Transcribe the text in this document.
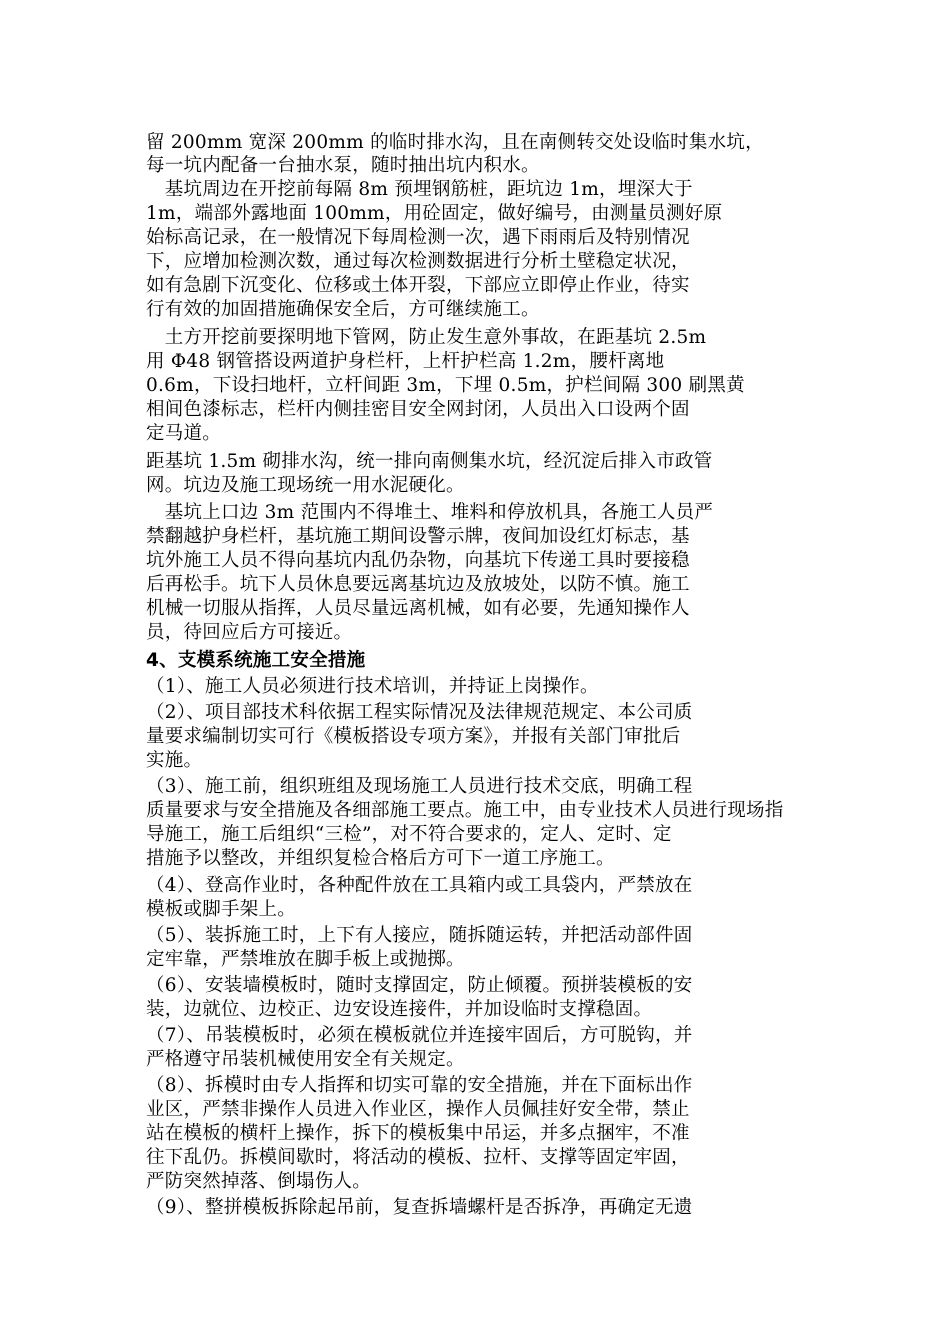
留 200mm 宽深 200mm 的临时排水沟，且在南侧转交处设临时集水坑，
每一坑内配备一台抽水泵，随时抽出坑内积水。
　基坑周边在开挖前每隔 8m 预埋钢筋桩，距坑边 1m，埋深大于
1m，端部外露地面 100mm，用砼固定，做好编号，由测量员测好原
始标高记录，在一般情况下每周检测一次，遇下雨雨后及特别情况
下，应增加检测次数，通过每次检测数据进行分析土壁稳定状况，
如有急剧下沉变化、位移或土体开裂，下部应立即停止作业，待实
行有效的加固措施确保安全后，方可继续施工。
　土方开挖前要探明地下管网，防止发生意外事故，在距基坑 2.5m
用 Φ48 钢管搭设两道护身栏杆，上杆护栏高 1.2m，腰杆离地
0.6m，下设扫地杆，立杆间距 3m，下埋 0.5m，护栏间隔 300 刷黑黄
相间色漆标志，栏杆内侧挂密目安全网封闭，人员出入口设两个固
定马道。
距基坑 1.5m 砌排水沟，统一排向南侧集水坑，经沉淀后排入市政管
网。坑边及施工现场统一用水泥硬化。
　基坑上口边 3m 范围内不得堆土、堆料和停放机具，各施工人员严
禁翻越护身栏杆，基坑施工期间设警示牌，夜间加设红灯标志，基
坑外施工人员不得向基坑内乱仍杂物，向基坑下传递工具时要接稳
后再松手。坑下人员休息要远离基坑边及放坡处，以防不慎。施工
机械一切服从指挥，人员尽量远离机械，如有必要，先通知操作人
员，待回应后方可接近。
4、支模系统施工安全措施
（1）、施工人员必须进行技术培训，并持证上岗操作。
（2）、项目部技术科依据工程实际情况及法律规范规定、本公司质
量要求编制切实可行《模板搭设专项方案》，并报有关部门审批后
实施。
（3）、施工前，组织班组及现场施工人员进行技术交底，明确工程
质量要求与安全措施及各细部施工要点。施工中，由专业技术人员进行现场指
导施工，施工后组织“三检”，对不符合要求的，定人、定时、定
措施予以整改，并组织复检合格后方可下一道工序施工。
（4）、登高作业时，各种配件放在工具箱内或工具袋内，严禁放在
模板或脚手架上。
（5）、装拆施工时，上下有人接应，随拆随运转，并把活动部件固
定牢靠，严禁堆放在脚手板上或抛掷。
（6）、安装墙模板时，随时支撑固定，防止倾覆。预拼装模板的安
装，边就位、边校正、边安设连接件，并加设临时支撑稳固。
（7）、吊装模板时，必须在模板就位并连接牢固后，方可脱钩，并
严格遵守吊装机械使用安全有关规定。
（8）、拆模时由专人指挥和切实可靠的安全措施，并在下面标出作
业区，严禁非操作人员进入作业区，操作人员佩挂好安全带，禁止
站在模板的横杆上操作，拆下的模板集中吊运，并多点捆牢，不准
往下乱仍。拆模间歇时，将活动的模板、拉杆、支撑等固定牢固，
严防突然掉落、倒塌伤人。
（9）、整拼模板拆除起吊前，复查拆墙螺杆是否拆净，再确定无遗
